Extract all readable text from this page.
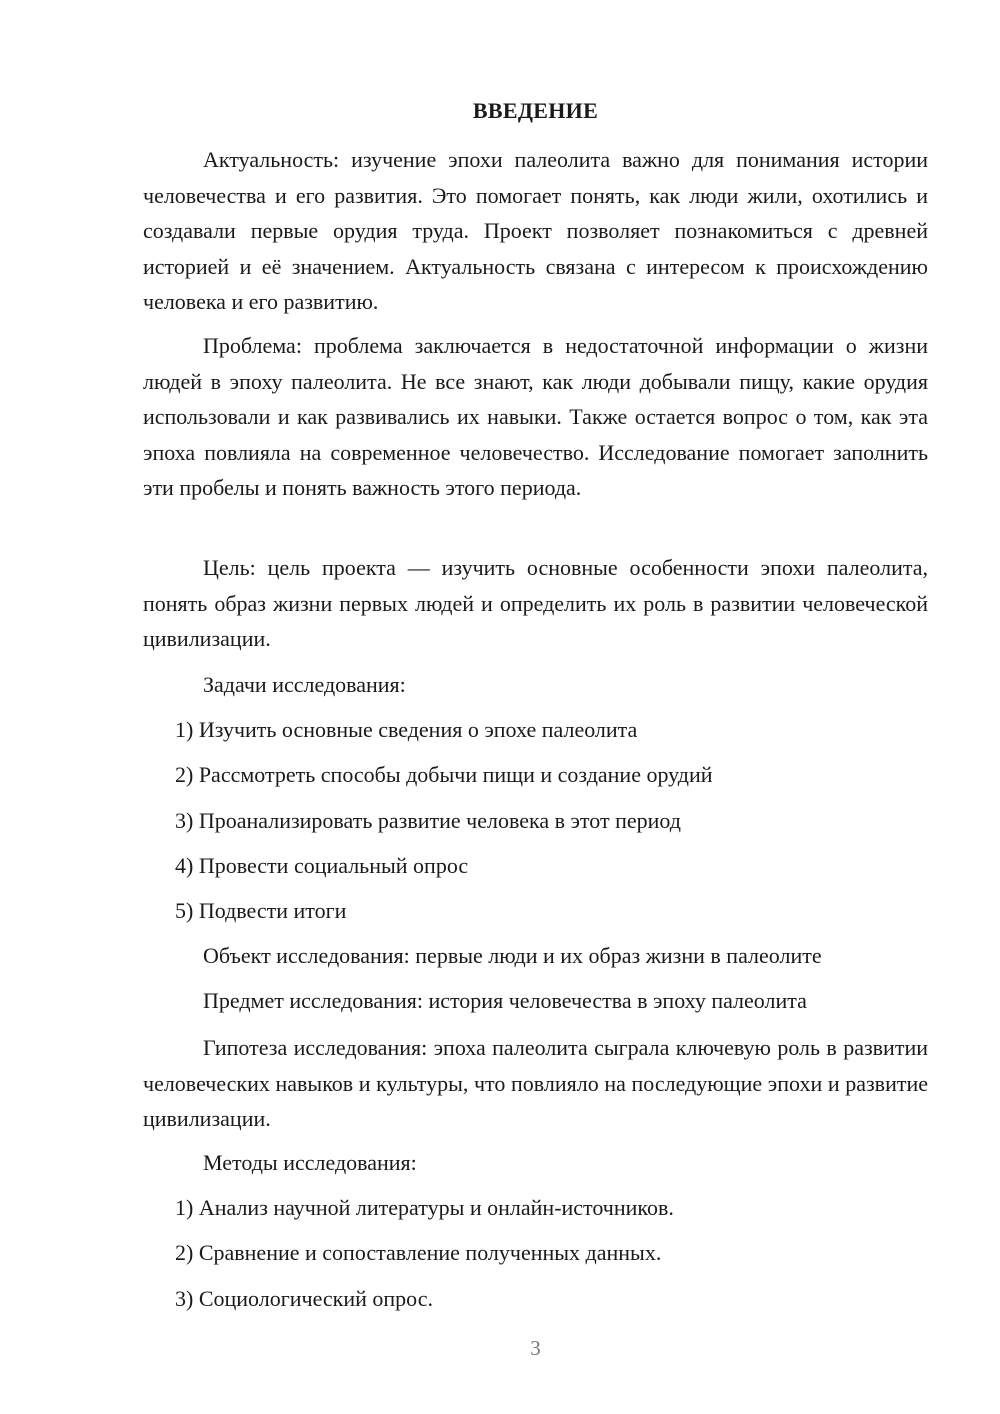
ВВЕДЕНИЕ

Актуальность: изучение эпохи палеолита важно для понимания истории человечества и его развития. Это помогает понять, как люди жили, охотились и создавали первые орудия труда. Проект позволяет познакомиться с древней историей и её значением. Актуальность связана с интересом к происхождению человека и его развитию.

Проблема: проблема заключается в недостаточной информации о жизни людей в эпоху палеолита. Не все знают, как люди добывали пищу, какие орудия использовали и как развивались их навыки. Также остается вопрос о том, как эта эпоха повлияла на современное человечество. Исследование помогает заполнить эти пробелы и понять важность этого периода.

Цель: цель проекта — изучить основные особенности эпохи палеолита, понять образ жизни первых людей и определить их роль в развитии человеческой цивилизации.

Задачи исследования:

1) Изучить основные сведения о эпохе палеолита

2) Рассмотреть способы добычи пищи и создание орудий

3) Проанализировать развитие человека в этот период

4) Провести социальный опрос

5) Подвести итоги

Объект исследования: первые люди и их образ жизни в палеолите

Предмет исследования: история человечества в эпоху палеолита

Гипотеза исследования: эпоха палеолита сыграла ключевую роль в развитии человеческих навыков и культуры, что повлияло на последующие эпохи и развитие цивилизации.

Методы исследования:

1) Анализ научной литературы и онлайн-источников.

2) Сравнение и сопоставление полученных данных.

3) Социологический опрос.

3
